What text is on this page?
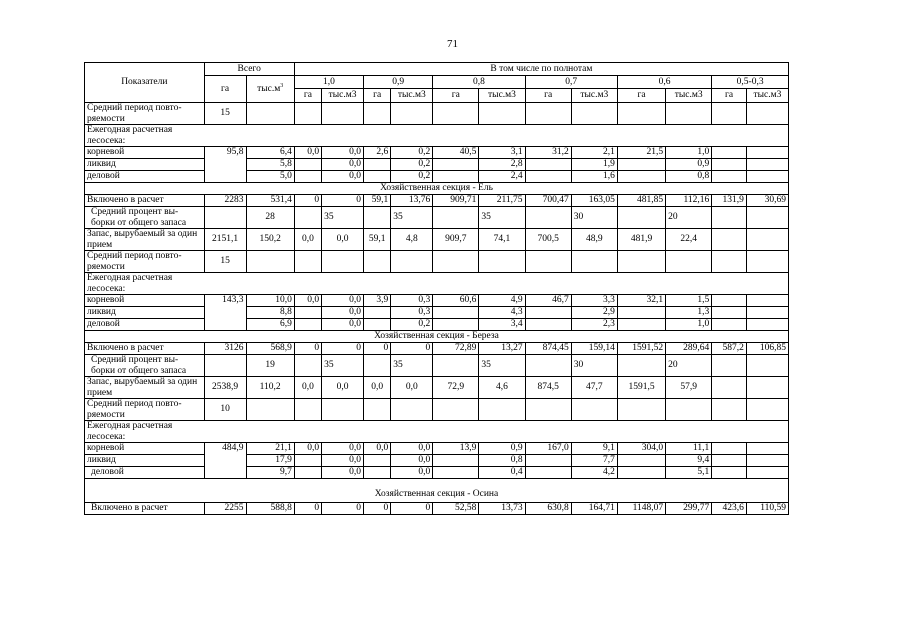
71
Показатели	Всего		В том числе по полнотам											
	га	$тыс.м^3$	1,0		0,9		0,8		0,7		0,6		0,5-0,3	
			га	тыс.м3	га	тыс.м3	га	тыс.м3	га	тыс.м3	га	тыс.м3	га	тыс.м3
Средний период повто-ряемости	15													
Ежегодная расчетная лесосека:														
корневой	95,8	6,4	0,0	0,0	2,6	0,2	40,5	3,1	31,2	2,1	21,5	1,0		
ликвид		5,8		0,0		0,2		2,8		1,9		0,9		
деловой		5,0		0,0		0,2		2,4		1,6		0,8		
Хозяйственная секция - Ель														
Включено в расчет	2283	531,4	0	0	59,1	13,76	909,71	211,75	700,47	163,05	481,85	112,16	131,9	30,69
Средний процент вы-борки от общего запаса		28		35		35		35		30		20		
Запас, вырубаемый за один прием	2151,1	150,2	0,0	0,0	59,1	4,8	909,7	74,1	700,5	48,9	481,9	22,4		
Средний период повто-ряемости	15													
Ежегодная расчетная лесосека:														
корневой	143,3	10,0	0,0	0,0	3,9	0,3	60,6	4,9	46,7	3,3	32,1	1,5		
ликвид		8,8		0,0		0,3		4,3		2,9		1,3		
деловой		6,9		0,0		0,2		3,4		2,3		1,0		
Хозяйственная секция - Береза														
Включено в расчет	3126	568,9	0	0	0	0	72,89	13,27	874,45	159,14	1591,52	289,64	587,2	106,85
Средний процент вы-борки от общего запаса		19		35		35		35		30		20		
Запас, вырубаемый за один прием	2538,9	110,2	0,0	0,0	0,0	0,0	72,9	4,6	874,5	47,7	1591,5	57,9		
Средний период повто-ряемости	10													
Ежегодная расчетная лесосека:														
корневой	484,9	21,1	0,0	0,0	0,0	0,0	13,9	0,9	167,0	9,1	304,0	11,1		
ликвид		17,9		0,0		0,0		0,8		7,7		9,4		
деловой		9,7		0,0		0,0		0,4		4,2		5,1		
Хозяйственная секция - Осина														
Включено в расчет	2255	588,8	0	0	0	0	52,58	13,73	630,8	164,71	1148,07	299,77	423,6	110,59
